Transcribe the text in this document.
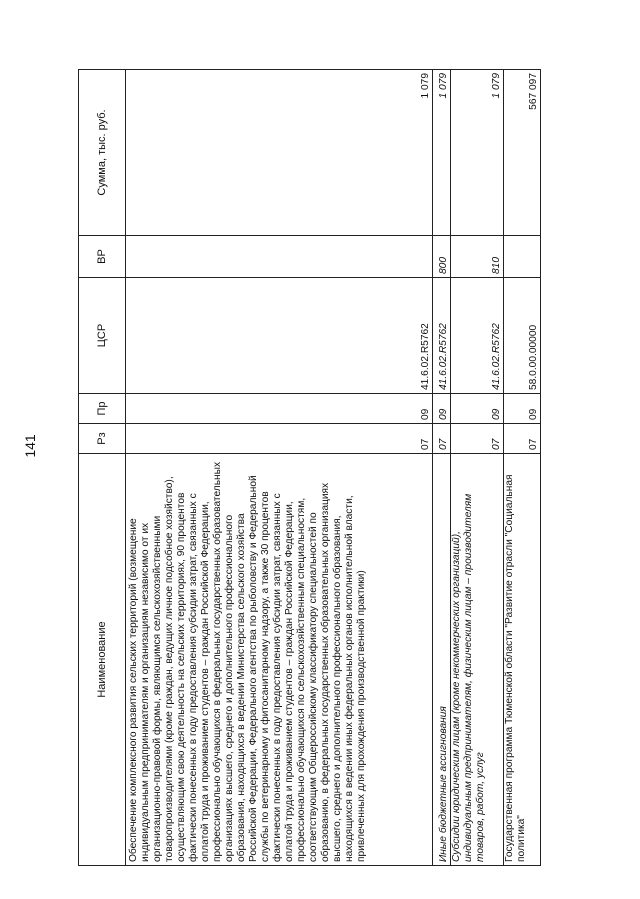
141
Наименование	Рз	Пр	ЦСР	ВР	Сумма, тыс. руб.
Обеспечение комплексного развития сельских территорий (возмещение индивидуальным предпринимателям и организациям независимо от их организационно-правовой формы, являющимся сельскохозяйственными товаропроизводителями (кроме граждан, ведущих личное подсобное хозяйство), осуществляющим свою деятельность на сельских территориях, 90 процентов фактически понесенных в году предоставления субсидии затрат, связанных с оплатой труда и проживанием студентов – граждан Российской Федерации, профессионально обучающихся в федеральных государственных образовательных организациях высшего, среднего и дополнительного профессионального образования, находящихся в ведении Министерства сельского хозяйства Российской Федерации, Федерального агентства по рыболовству и Федеральной службы по ветеринарному и фитосанитарному надзору, а также 30 процентов фактически понесенных в году предоставления субсидии затрат, связанных с оплатой труда и проживанием студентов – граждан Российской Федерации, профессионально обучающихся по сельскохозяйственным специальностям, соответствующим Общероссийскому классификатору специальностей по образованию, в федеральных государственных образовательных организациях высшего, среднего и дополнительного профессионального образования, находящихся в ведении иных федеральных органов исполнительной власти, привлеченных для прохождения производственной практики)	07	09	41.6.02.R5762		1 079
Иные бюджетные ассигнования	07	09	41.6.02.R5762	800	1 079
Субсидии юридическим лицам (кроме некоммерческих организаций), индивидуальным предпринимателям, физическим лицам – производителям товаров, работ, услуг	07	09	41.6.02.R5762	810	1 079
Государственная программа Тюменской области "Развитие отрасли "Социальная политика"	07	09	58.0.00.00000		567 097
